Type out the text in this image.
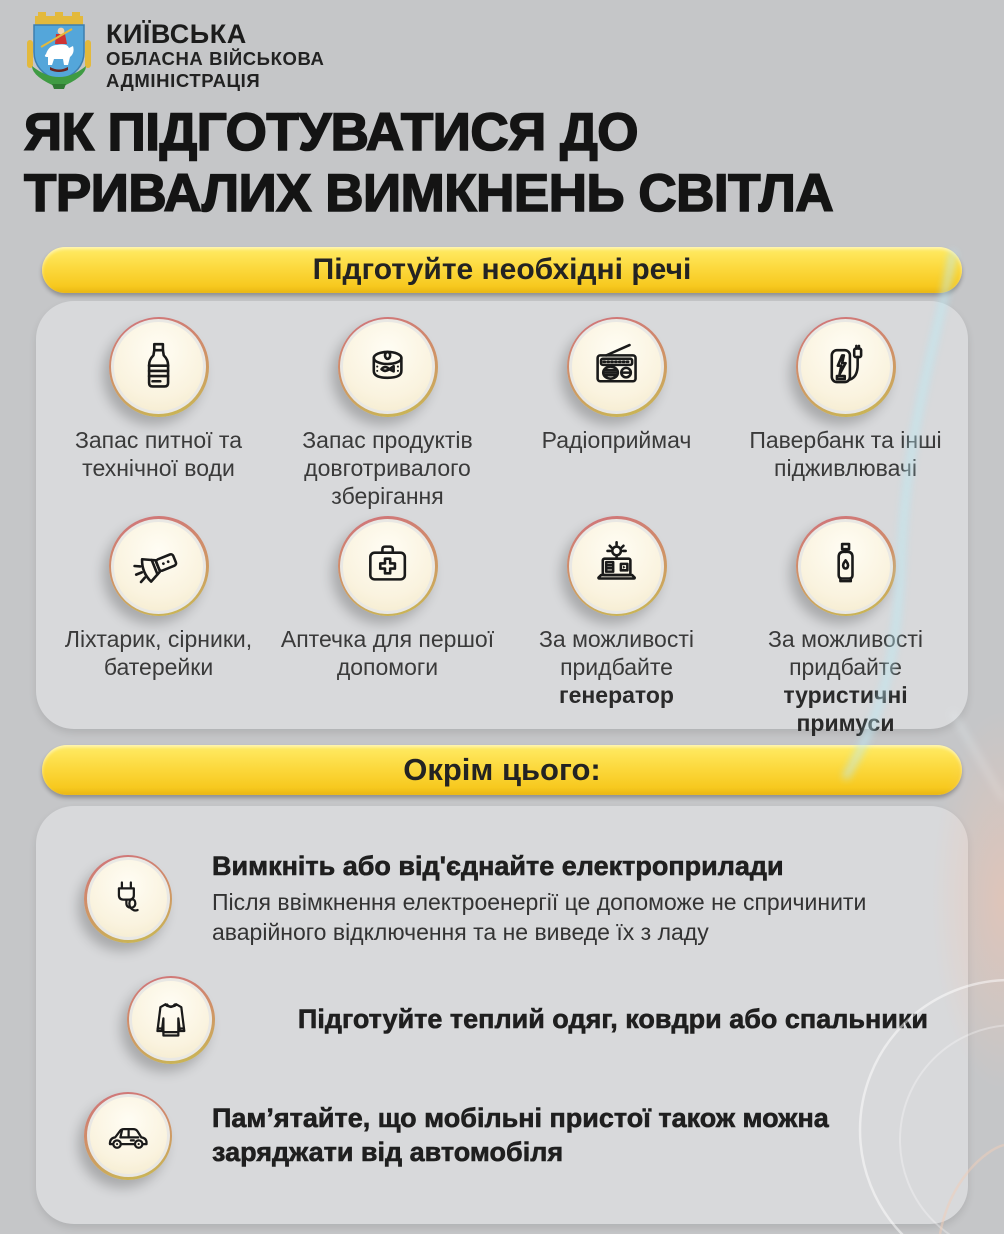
КИЇВСЬКА
ОБЛАСНА ВІЙСЬКОВА
АДМІНІСТРАЦІЯ
ЯК ПІДГОТУВАТИСЯ ДО
ТРИВАЛИХ ВИМКНЕНЬ СВІТЛА
Підготуйте необхідні речі

Запас питної та технічної води

Запас продуктів довготривалого зберігання

Радіоприймач	Павербанк та інші підживлювачі

Ліхтарик, сірники, батерейки

Аптечка для першої допомоги

За можливості придбайте генератор

За можливості придбайте туристичні примуси

Окрім цього:

Вимкніть або від'єднайте електроприлади

Після ввімкнення електроенергії це допоможе не спричинити аварійного відключення та не виведе їх з ладу

Підготуйте теплий одяг, ковдри або спальники

Пам’ятайте, що мобільні пристої також можна заряджати від автомобіля
